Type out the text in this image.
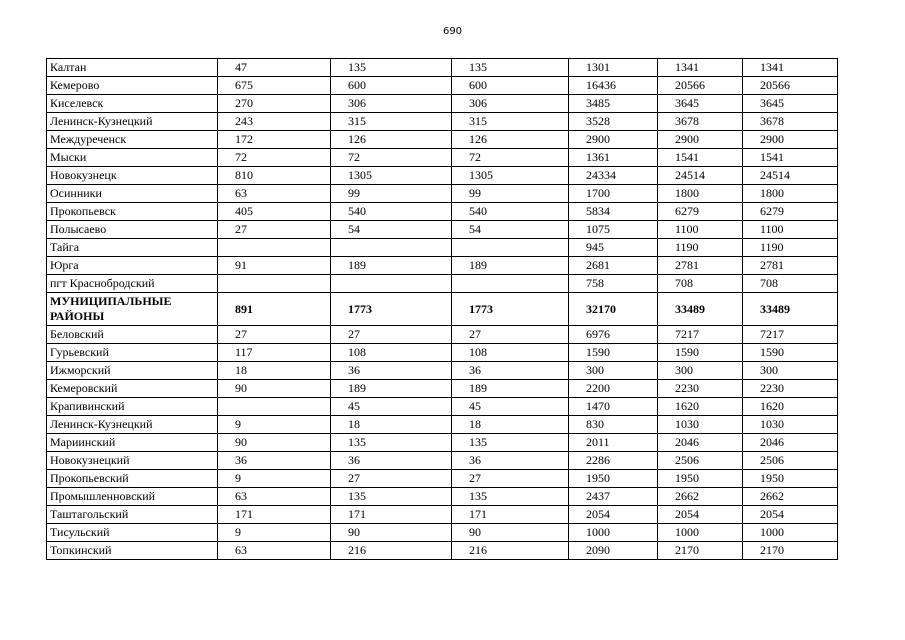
690
Калтан	47	135	135	1301	1341	1341
Кемерово	675	600	600	16436	20566	20566
Киселевск	270	306	306	3485	3645	3645
Ленинск-Кузнецкий	243	315	315	3528	3678	3678
Междуреченск	172	126	126	2900	2900	2900
Мыски	72	72	72	1361	1541	1541
Новокузнецк	810	1305	1305	24334	24514	24514
Осинники	63	99	99	1700	1800	1800
Прокопьевск	405	540	540	5834	6279	6279
Полысаево	27	54	54	1075	1100	1100
Тайга				945	1190	1190
Юрга	91	189	189	2681	2781	2781
пгт Краснобродский				758	708	708
МУНИЦИПАЛЬНЫЕ РАЙОНЫ	891	1773	1773	32170	33489	33489
Беловский	27	27	27	6976	7217	7217
Гурьевский	117	108	108	1590	1590	1590
Ижморский	18	36	36	300	300	300
Кемеровский	90	189	189	2200	2230	2230
Крапивинский		45	45	1470	1620	1620
Ленинск-Кузнецкий	9	18	18	830	1030	1030
Мариинский	90	135	135	2011	2046	2046
Новокузнецкий	36	36	36	2286	2506	2506
Прокопьевский	9	27	27	1950	1950	1950
Промышленновский	63	135	135	2437	2662	2662
Таштагольский	171	171	171	2054	2054	2054
Тисульский	9	90	90	1000	1000	1000
Топкинский	63	216	216	2090	2170	2170
